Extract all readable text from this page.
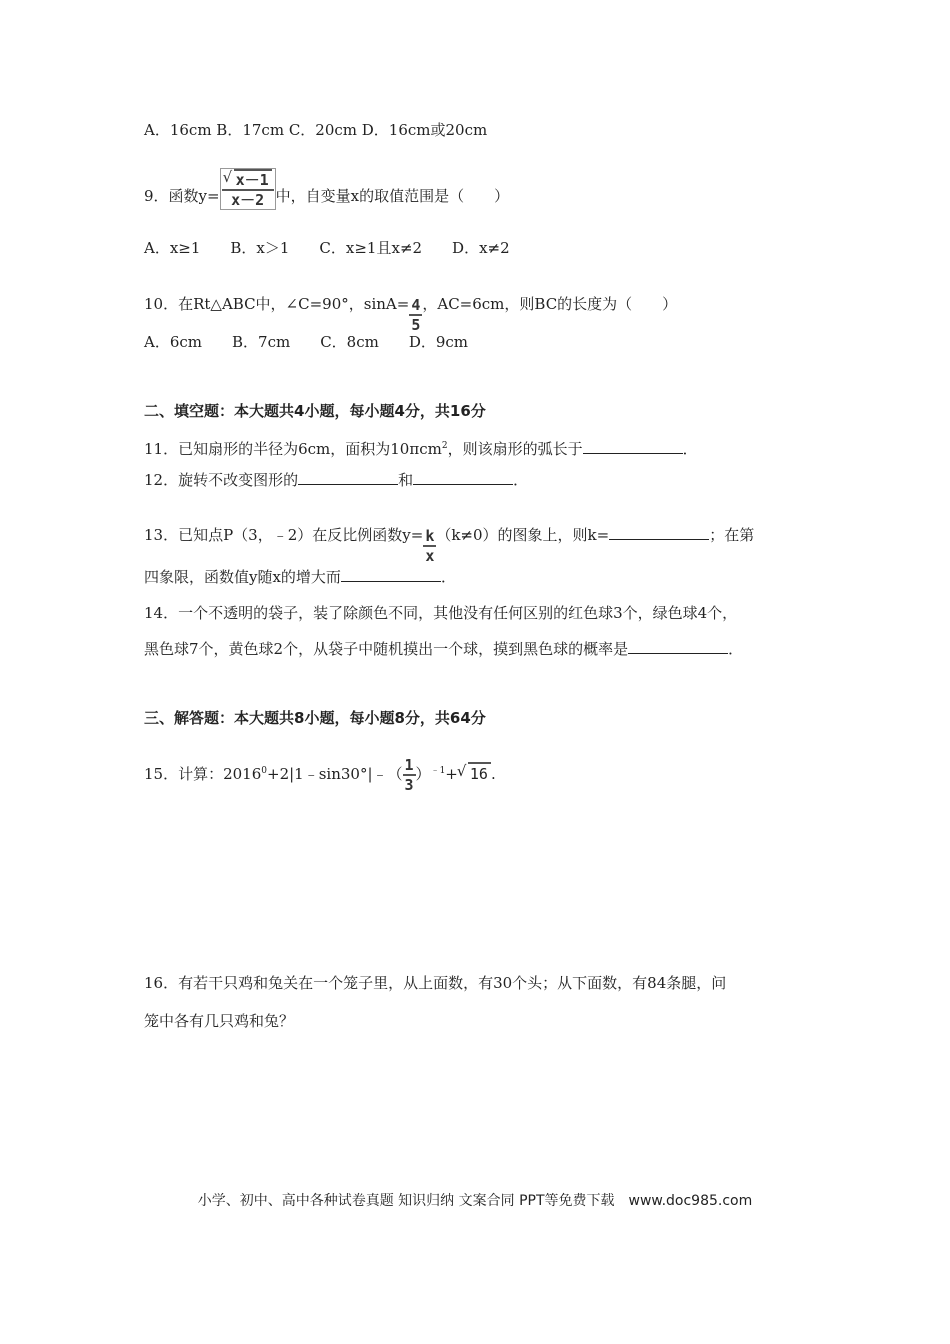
A．16cm B．17cm C．20cm D．16cm或20cm
9．函数y=
√ $\frac{x-1}{x-2}$ 中，自变量x的取值范围是（　　）
A．x≥1　　B．x＞1　　C．x≥1且x≠2　　D．x≠2
10．在Rt△ABC中，∠C=90°，$\sin A= \frac{4}{5}$ ，AC=6cm，则BC的长度为（　　）
A．6cm　　B．7cm　　C．8cm　　D．9cm
二、填空题：本大题共4小题，每小题4分，共16分
11．已知扇形的半径为6cm，面积为10πcm$^2$，则该扇形的弧长于	．
12．旋转不改变图形的	和	．
13．已知点P（3，﹣2）在反比例函数$y= \frac{k}{x} (k\ne 0)$的图象上，则k=	；在第
四象限，函数值y随x的增大而	．
14．一个不透明的袋子，装了除颜色不同，其他没有任何区别的红色球3个，绿色球4个，
黑色球7个，黄色球2个，从袋子中随机摸出一个球，摸到黑色球的概率是	．
三、解答题：本大题共8小题，每小题8分，共64分
15．计算：$2016^0+2|1﹣\sin 30^\circ|﹣( \frac{1}{3} )^{﹣1}+√$ 16 .
16．有若干只鸡和兔关在一个笼子里，从上面数，有30个头；从下面数，有84条腿，问
笼中各有几只鸡和兔？
小学、初中、高中各种试卷真题 知识归纳 文案合同 PPT等免费下载　www.doc985.com
